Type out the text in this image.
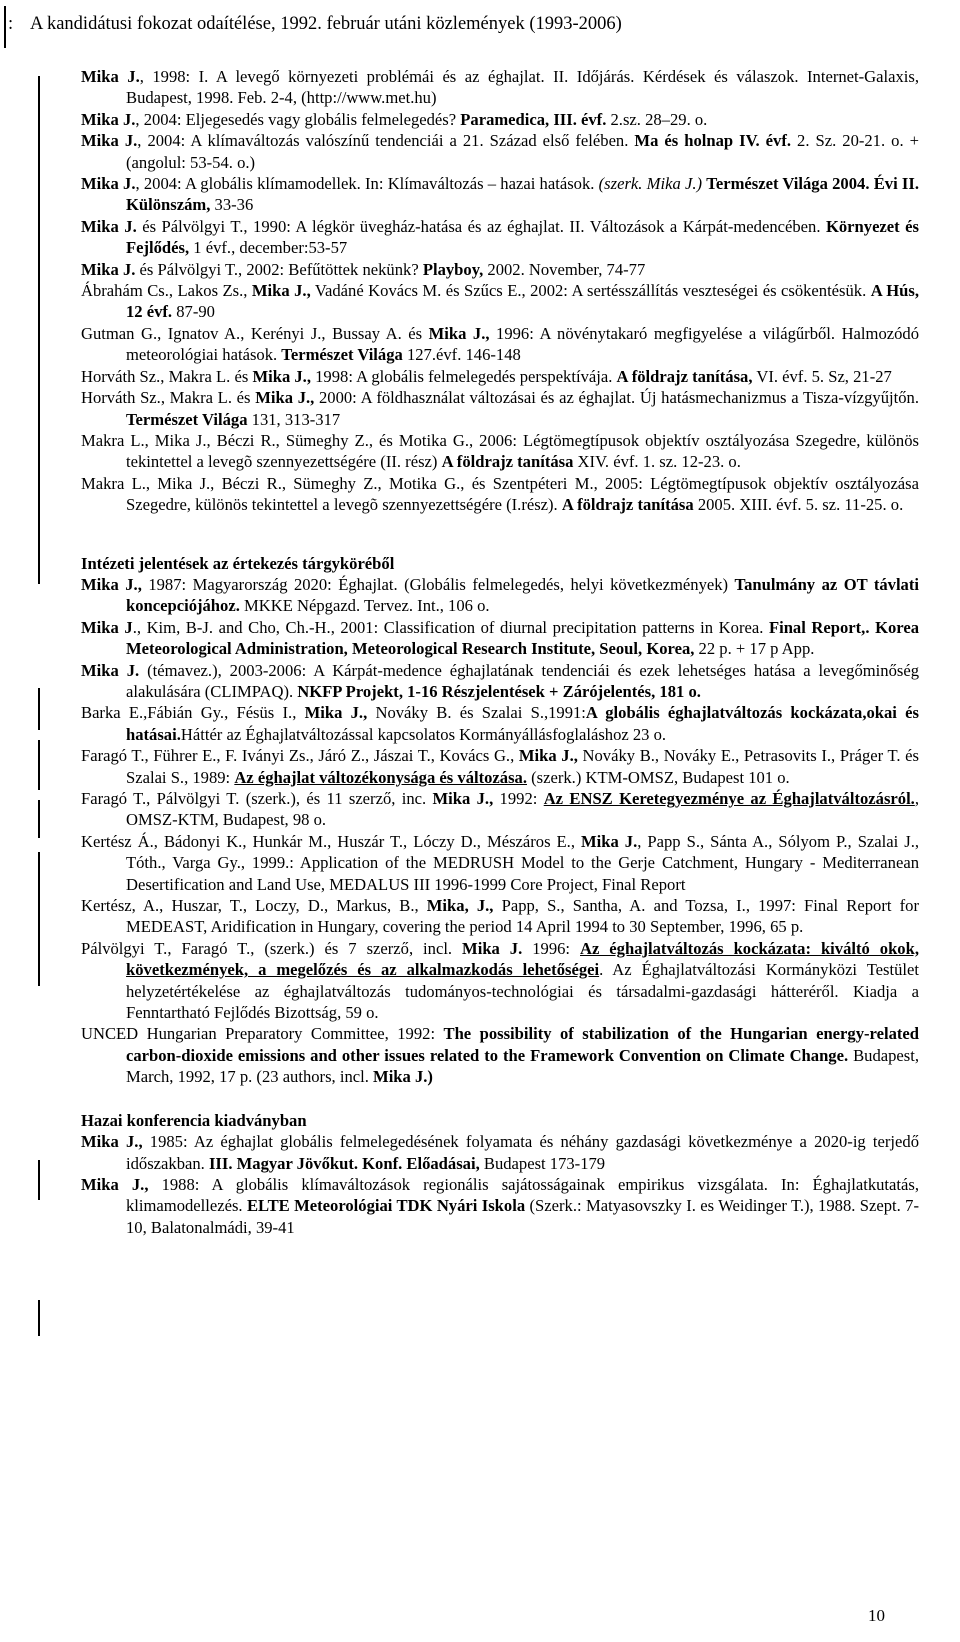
: A kandidátusi fokozat odaítélése, 1992. február utáni közlemények (1993-2006)
Mika J., 1998: I. A levegő környezeti problémái és az éghajlat. II. Időjárás. Kérdések és válaszok. Internet-Galaxis, Budapest, 1998. Feb. 2-4, (http://www.met.hu)
Mika J., 2004: Eljegesedés vagy globális felmelegedés? Paramedica, III. évf. 2.sz. 28–29. o.
Mika J., 2004: A klímaváltozás valószínű tendenciái a 21. Század első felében. Ma és holnap IV. évf. 2. Sz. 20-21. o. + (angolul: 53-54. o.)
Mika J., 2004: A globális klímamodellek. In: Klímaváltozás – hazai hatások. (szerk. Mika J.) Természet Világa 2004. Évi II. Különszám, 33-36
Mika J. és Pálvölgyi T., 1990: A légkör üvegház-hatása és az éghajlat. II. Változások a Kárpát-medencében. Környezet és Fejlődés, 1 évf., december:53-57
Mika J. és Pálvölgyi T., 2002: Befűtöttek nekünk? Playboy, 2002. November, 74-77
Ábrahám Cs., Lakos Zs., Mika J., Vadáné Kovács M. és Szűcs E., 2002: A sertésszállítás veszteségei és csökentésük. A Hús, 12 évf. 87-90
Gutman G., Ignatov A., Kerényi J., Bussay A. és Mika J., 1996: A növénytakaró megfigyelése a világűrből. Halmozódó meteorológiai hatások. Természet Világa 127.évf. 146-148
Horváth Sz., Makra L. és Mika J., 1998: A globális felmelegedés perspektívája. A földrajz tanítása, VI. évf. 5. Sz, 21-27
Horváth Sz., Makra L. és Mika J., 2000: A földhasználat változásai és az éghajlat. Új hatásmechanizmus a Tisza-vízgyűjtőn. Természet Világa 131, 313-317
Makra L., Mika J., Béczi R., Sümeghy Z., és Motika G., 2006: Légtömegtípusok objektív osztályozása Szegedre, különös tekintettel a levegõ szennyezettségére (II. rész) A földrajz tanítása XIV. évf. 1. sz. 12-23. o.
Makra L., Mika J., Béczi R., Sümeghy Z., Motika G., és Szentpéteri M., 2005: Légtömegtípusok objektív osztályozása Szegedre, különös tekintettel a levegõ szennyezettségére (I.rész). A földrajz tanítása 2005. XIII. évf. 5. sz. 11-25. o.
Intézeti jelentések az értekezés tárgyköréből
Mika J., 1987: Magyarország 2020: Éghajlat. (Globális felmelegedés, helyi következmények) Tanulmány az OT távlati koncepciójához. MKKE Népgazd. Tervez. Int., 106 o.
Mika J., Kim, B-J. and Cho, Ch.-H., 2001: Classification of diurnal precipitation patterns in Korea. Final Report,. Korea Meteorological Administration, Meteorological Research Institute, Seoul, Korea, 22 p. + 17 p App.
Mika J. (témavez.), 2003-2006: A Kárpát-medence éghajlatának tendenciái és ezek lehetséges hatása a levegőminőség alakulására (CLIMPAQ). NKFP Projekt, 1-16 Részjelentések + Zárójelentés, 181 o.
Barka E.,Fábián Gy., Fésüs I., Mika J., Nováky B. és Szalai S.,1991:A globális éghajlatváltozás kockázata,okai és hatásai.Háttér az Éghajlatváltozással kapcsolatos Kormányállásfoglaláshoz 23 o.
Faragó T., Führer E., F. Iványi Zs., Járó Z., Jászai T., Kovács G., Mika J., Nováky B., Nováky E., Petrasovits I., Práger T. és Szalai S., 1989: Az éghajlat változékonysága és változása. (szerk.) KTM-OMSZ, Budapest 101 o.
Faragó T., Pálvölgyi T. (szerk.), és 11 szerző, inc. Mika J., 1992: Az ENSZ Keretegyezménye az Éghajlatváltozásról., OMSZ-KTM, Budapest, 98 o.
Kertész Á., Bádonyi K., Hunkár M., Huszár T., Lóczy D., Mészáros E., Mika J., Papp S., Sánta A., Sólyom P., Szalai J., Tóth., Varga Gy., 1999.: Application of the MEDRUSH Model to the Gerje Catchment, Hungary - Mediterranean Desertification and Land Use, MEDALUS III 1996-1999 Core Project, Final Report
Kertész, A., Huszar, T., Loczy, D., Markus, B., Mika, J., Papp, S., Santha, A. and Tozsa, I., 1997: Final Report for MEDEAST, Aridification in Hungary, covering the period 14 April 1994 to 30 September, 1996, 65 p.
Pálvölgyi T., Faragó T., (szerk.) és 7 szerző, incl. Mika J. 1996: Az éghajlatváltozás kockázata: kiváltó okok, következmények, a megelőzés és az alkalmazkodás lehetőségei. Az Éghajlatváltozási Kormányközi Testület helyzetértékelése az éghajlatváltozás tudományos-technológiai és társadalmi-gazdasági hátteréről. Kiadja a Fenntartható Fejlődés Bizottság, 59 o.
UNCED Hungarian Preparatory Committee, 1992: The possibility of stabilization of the Hungarian energy-related carbon-dioxide emissions and other issues related to the Framework Convention on Climate Change. Budapest, March, 1992, 17 p. (23 authors, incl. Mika J.)
Hazai konferencia kiadványban
Mika J., 1985: Az éghajlat globális felmelegedésének folyamata és néhány gazdasági következménye a 2020-ig terjedő időszakban. III. Magyar Jövőkut. Konf. Előadásai, Budapest 173-179
Mika J., 1988: A globális klímaváltozások regionális sajátosságainak empirikus vizsgálata. In: Éghajlatkutatás, klimamodellezés. ELTE Meteorológiai TDK Nyári Iskola (Szerk.: Matyasovszky I. es Weidinger T.), 1988. Szept. 7-10, Balatonalmádi, 39-41
10
